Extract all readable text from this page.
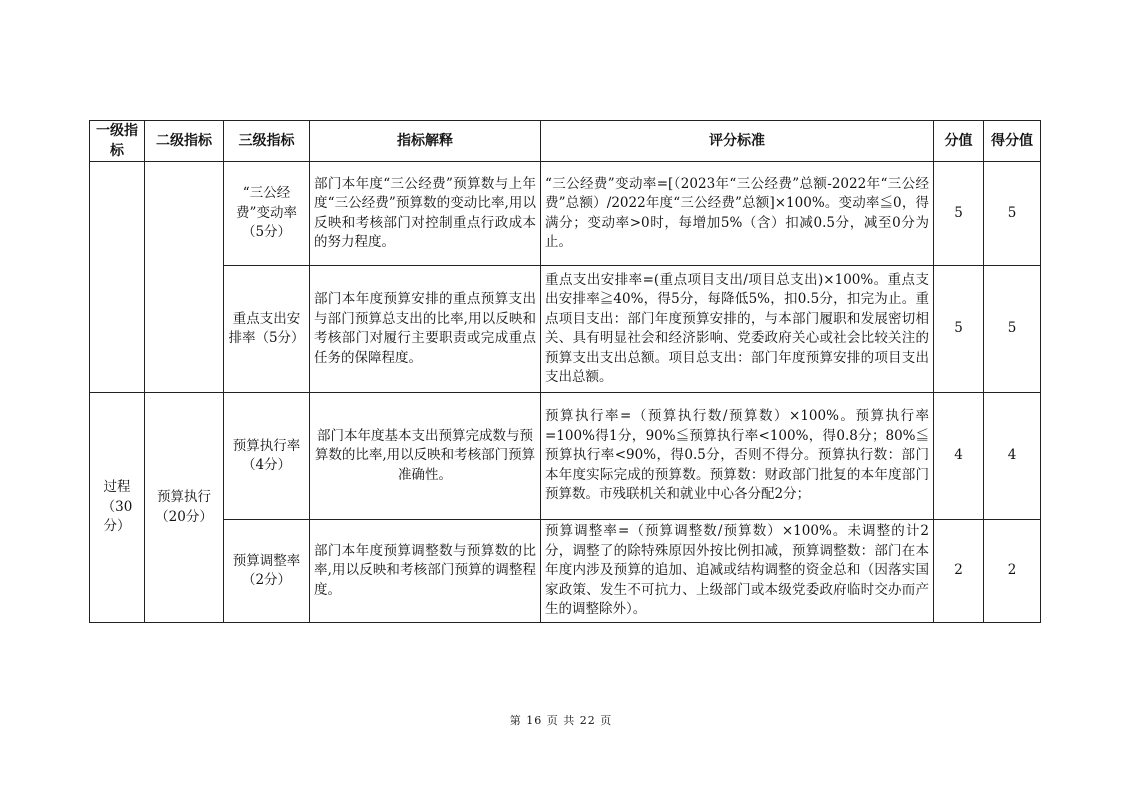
一级指标	二级指标	三级指标	指标解释	评分标准	分值	得分值
		“三公经费”变动率（5分）	部门本年度“三公经费”预算数与上年度“三公经费”预算数的变动比率,用以反映和考核部门对控制重点行政成本的努力程度。	“三公经费”变动率=[（2023年“三公经费”总额-2022年“三公经费”总额）/2022年度“三公经费”总额]×100%。变动率≦0，得满分；变动率>0时，每增加5%（含）扣减0.5分，减至0分为止。	5	5
		重点支出安排率（5分）	部门本年度预算安排的重点预算支出与部门预算总支出的比率,用以反映和考核部门对履行主要职责或完成重点任务的保障程度。	重点支出安排率=(重点项目支出/项目总支出)×100%。重点支出安排率≧40%，得5分，每降低5%，扣0.5分，扣完为止。重点项目支出：部门年度预算安排的，与本部门履职和发展密切相关、具有明显社会和经济影响、党委政府关心或社会比较关注的预算支出支出总额。项目总支出：部门年度预算安排的项目支出支出总额。	5	5
过程（30分）	预算执行（20分）	预算执行率（4分）	部门本年度基本支出预算完成数与预算数的比率,用以反映和考核部门预算准确性。	预算执行率=（预算执行数/预算数）×100%。预算执行率=100%得1分，90%≦预算执行率<100%，得0.8分；80%≦预算执行率<90%，得0.5分，否则不得分。预算执行数：部门本年度实际完成的预算数。预算数：财政部门批复的本年度部门预算数。市残联机关和就业中心各分配2分；	4	4
		预算调整率（2分）	部门本年度预算调整数与预算数的比率,用以反映和考核部门预算的调整程度。	预算调整率=（预算调整数/预算数）×100%。未调整的计2分，调整了的除特殊原因外按比例扣减，预算调整数：部门在本年度内涉及预算的追加、追减或结构调整的资金总和（因落实国家政策、发生不可抗力、上级部门或本级党委政府临时交办而产生的调整除外）。	2	2
第 16 页 共 22 页
